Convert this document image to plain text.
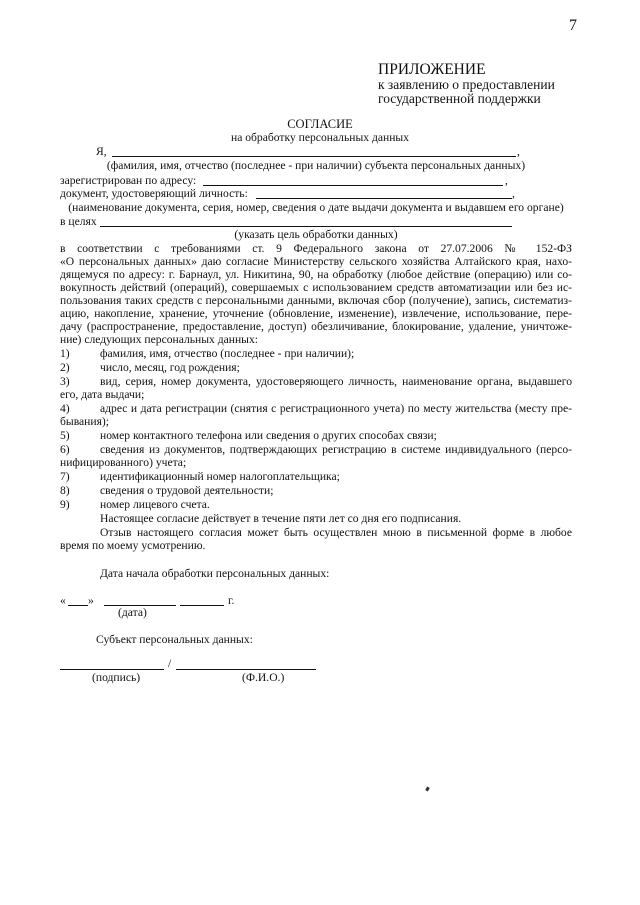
7
ПРИЛОЖЕНИЕ
к заявлению о предоставлении
государственной поддержки
СОГЛАСИЕ
на обработку персональных данных
Я,	,
(фамилия, имя, отчество (последнее - при наличии) субъекта персональных данных)
зарегистрирован по адресу:	,
документ, удостоверяющий личность:	,
(наименование документа, серия, номер, сведения о дате выдачи документа и выдавшем его органе)
в целях
(указать цель обработки данных)
в соответствии с требованиями ст. 9 Федерального закона от 27.07.2006 № 152-ФЗ
«О персональных данных» даю согласие Министерству сельского хозяйства Алтайского края, нахо-
дящемуся по адресу: г. Барнаул, ул. Никитина, 90, на обработку (любое действие (операцию) или со-
вокупность действий (операций), совершаемых с использованием средств автоматизации или без ис-
пользования таких средств с персональными данными, включая сбор (получение), запись, систематиз-
ацию, накопление, хранение, уточнение (обновление, изменение), извлечение, использование, пере-
дачу (распространение, предоставление, доступ) обезличивание, блокирование, удаление, уничтоже-
ние) следующих персональных данных:
1)	фамилия, имя, отчество (последнее - при наличии);
2)	число, месяц, год рождения;
3)	вид, серия, номер документа, удостоверяющего личность, наименование органа, выдавшего
его, дата выдачи;
4)	адрес и дата регистрации (снятия с регистрационного учета) по месту жительства (месту пре-
бывания);
5)	номер контактного телефона или сведения о других способах связи;
6)	сведения из документов, подтверждающих регистрацию в системе индивидуального (персо-
нифицированного) учета;
7)	идентификационный номер налогоплательщика;
8)	сведения о трудовой деятельности;
9)	номер лицевого счета.
Настоящее согласие действует в течение пяти лет со дня его подписания.
Отзыв настоящего согласия может быть осуществлен мною в письменной форме в любое
время по моему усмотрению.
Дата начала обработки персональных данных:
« »	г.
(дата)
Субъект персональных данных:
/
(подпись)	(Ф.И.О.)
